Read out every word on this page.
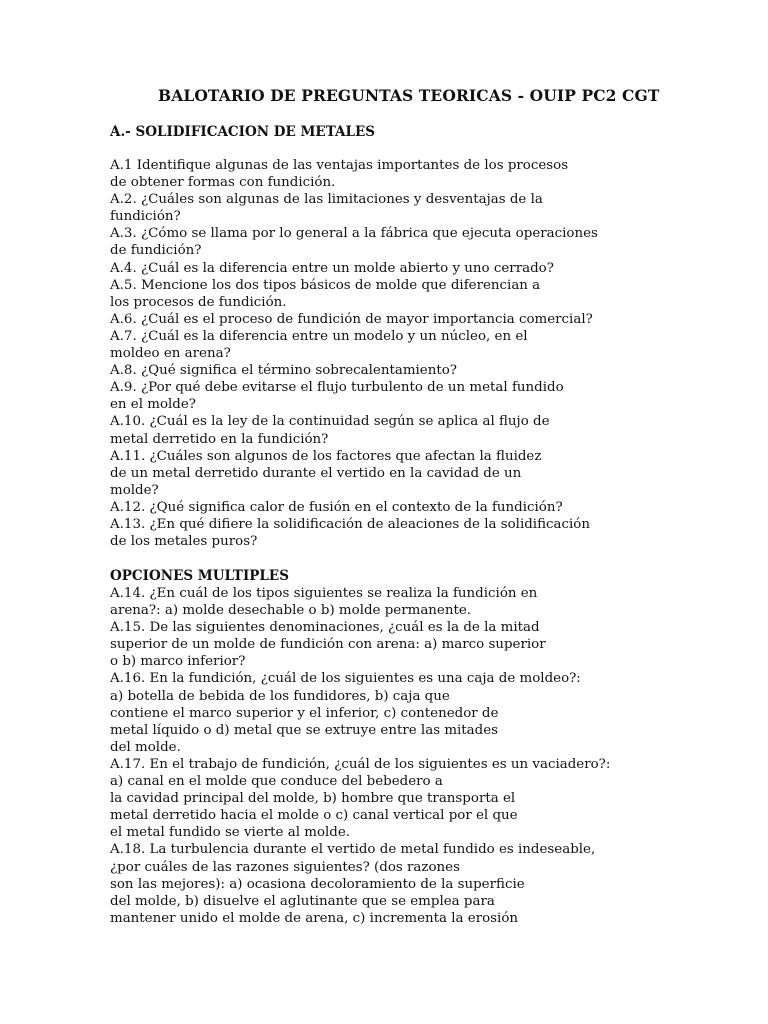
BALOTARIO DE PREGUNTAS TEORICAS - OUIP PC2 CGT
A.- SOLIDIFICACION DE METALES
A.1 Identifique algunas de las ventajas importantes de los procesos
de obtener formas con fundición.
A.2. ¿Cuáles son algunas de las limitaciones y desventajas de la
fundición?
A.3. ¿Cómo se llama por lo general a la fábrica que ejecuta operaciones
de fundición?
A.4. ¿Cuál es la diferencia entre un molde abierto y uno cerrado?
A.5. Mencione los dos tipos básicos de molde que diferencian a
los procesos de fundición.
A.6. ¿Cuál es el proceso de fundición de mayor importancia comercial?
A.7. ¿Cuál es la diferencia entre un modelo y un núcleo, en el
moldeo en arena?
A.8. ¿Qué significa el término sobrecalentamiento?
A.9. ¿Por qué debe evitarse el flujo turbulento de un metal fundido
en el molde?
A.10. ¿Cuál es la ley de la continuidad según se aplica al flujo de
metal derretido en la fundición?
A.11. ¿Cuáles son algunos de los factores que afectan la fluidez
de un metal derretido durante el vertido en la cavidad de un
molde?
A.12. ¿Qué significa calor de fusión en el contexto de la fundición?
A.13. ¿En qué difiere la solidificación de aleaciones de la solidificación
de los metales puros?
OPCIONES MULTIPLES
A.14. ¿En cuál de los tipos siguientes se realiza la fundición en
arena?: a) molde desechable o b) molde permanente.
A.15. De las siguientes denominaciones, ¿cuál es la de la mitad
superior de un molde de fundición con arena: a) marco superior
o b) marco inferior?
A.16. En la fundición, ¿cuál de los siguientes es una caja de moldeo?:
a) botella de bebida de los fundidores, b) caja que
contiene el marco superior y el inferior, c) contenedor de
metal líquido o d) metal que se extruye entre las mitades
del molde.
A.17. En el trabajo de fundición, ¿cuál de los siguientes es un vaciadero?:
a) canal en el molde que conduce del bebedero a
la cavidad principal del molde, b) hombre que transporta el
metal derretido hacia el molde o c) canal vertical por el que
el metal fundido se vierte al molde.
A.18. La turbulencia durante el vertido de metal fundido es indeseable,
¿por cuáles de las razones siguientes? (dos razones
son las mejores): a) ocasiona decoloramiento de la superficie
del molde, b) disuelve el aglutinante que se emplea para
mantener unido el molde de arena, c) incrementa la erosión
